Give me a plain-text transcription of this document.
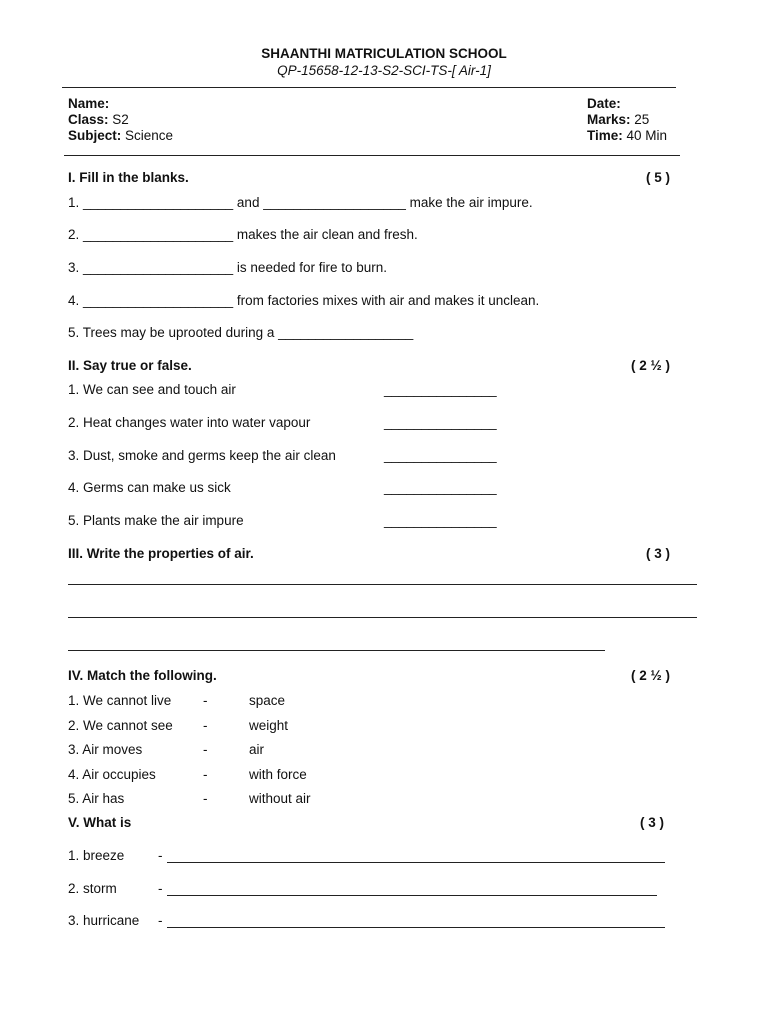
SHAANTHI MATRICULATION SCHOOL
QP-15658-12-13-S2-SCI-TS-[ Air-1]
Name:
Class: S2
Subject: Science
Date:
Marks: 25
Time: 40 Min
I. Fill in the blanks.	( 5 )
1. ____________________ and ___________________ make the air impure.
2. ____________________ makes the air clean and fresh.
3. ____________________ is needed for fire to burn.
4. ____________________ from factories mixes with air and makes it unclean.
5. Trees may be uprooted during a __________________
II. Say true or false.	( 2 ½ )
1. We can see and touch air	_______________
2. Heat changes water into water vapour	_______________
3. Dust, smoke and germs keep the air clean	_______________
4. Germs can make us sick	_______________
5. Plants make the air impure	_______________
III. Write the properties of air.	( 3 )
IV. Match the following.	( 2 ½ )
1. We cannot live -	space
2. We cannot see -	weight
3. Air moves	-	air
4. Air occupies	-	with force
5. Air has	-	without air
V. What is	( 3 )
1. breeze -
2. storm	-
3. hurricane -
